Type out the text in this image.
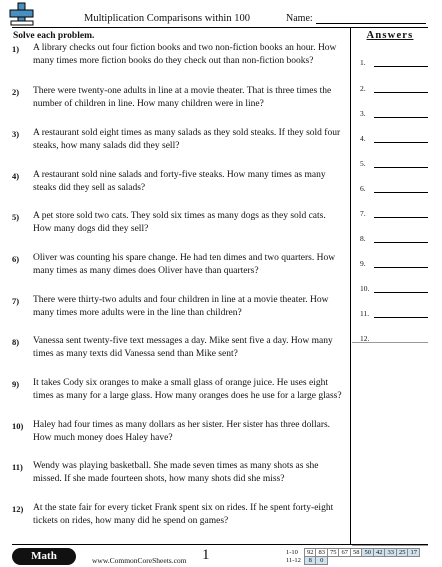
Multiplication Comparisons within 100	Name:
Solve each problem.	Answers
1) A library checks out four fiction books and two non-fiction books an hour. How many times more fiction books do they check out than non-fiction books?
2) There were twenty-one adults in line at a movie theater. That is three times the number of children in line. How many children were in line?
3) A restaurant sold eight times as many salads as they sold steaks. If they sold four steaks, how many salads did they sell?
4) A restaurant sold nine salads and forty-five steaks. How many times as many steaks did they sell as salads?
5) A pet store sold two cats. They sold six times as many dogs as they sold cats. How many dogs did they sell?
6) Oliver was counting his spare change. He had ten dimes and two quarters. How many times as many dimes does Oliver have than quarters?
7) There were thirty-two adults and four children in line at a movie theater. How many times more adults were in the line than children?
8) Vanessa sent twenty-five text messages a day. Mike sent five a day. How many times as many texts did Vanessa send than Mike sent?
9) It takes Cody six oranges to make a small glass of orange juice. He uses eight times as many for a large glass. How many oranges does he use for a large glass?
10) Haley had four times as many dollars as her sister. Her sister has three dollars. How much money does Haley have?
11) Wendy was playing basketball. She made seven times as many shots as she missed. If she made fourteen shots, how many shots did she miss?
12) At the state fair for every ticket Frank spent six on rides. If he spent forty-eight tickets on rides, how many did he spend on games?
1.
2.
3.
4.
5.
6.
7.
8.
9.
10.
11.
12.
Math	www.CommonCoreSheets.com 1	1-10	92	83	75	67	58	50	42	33	25	17
11-12	8	0								
